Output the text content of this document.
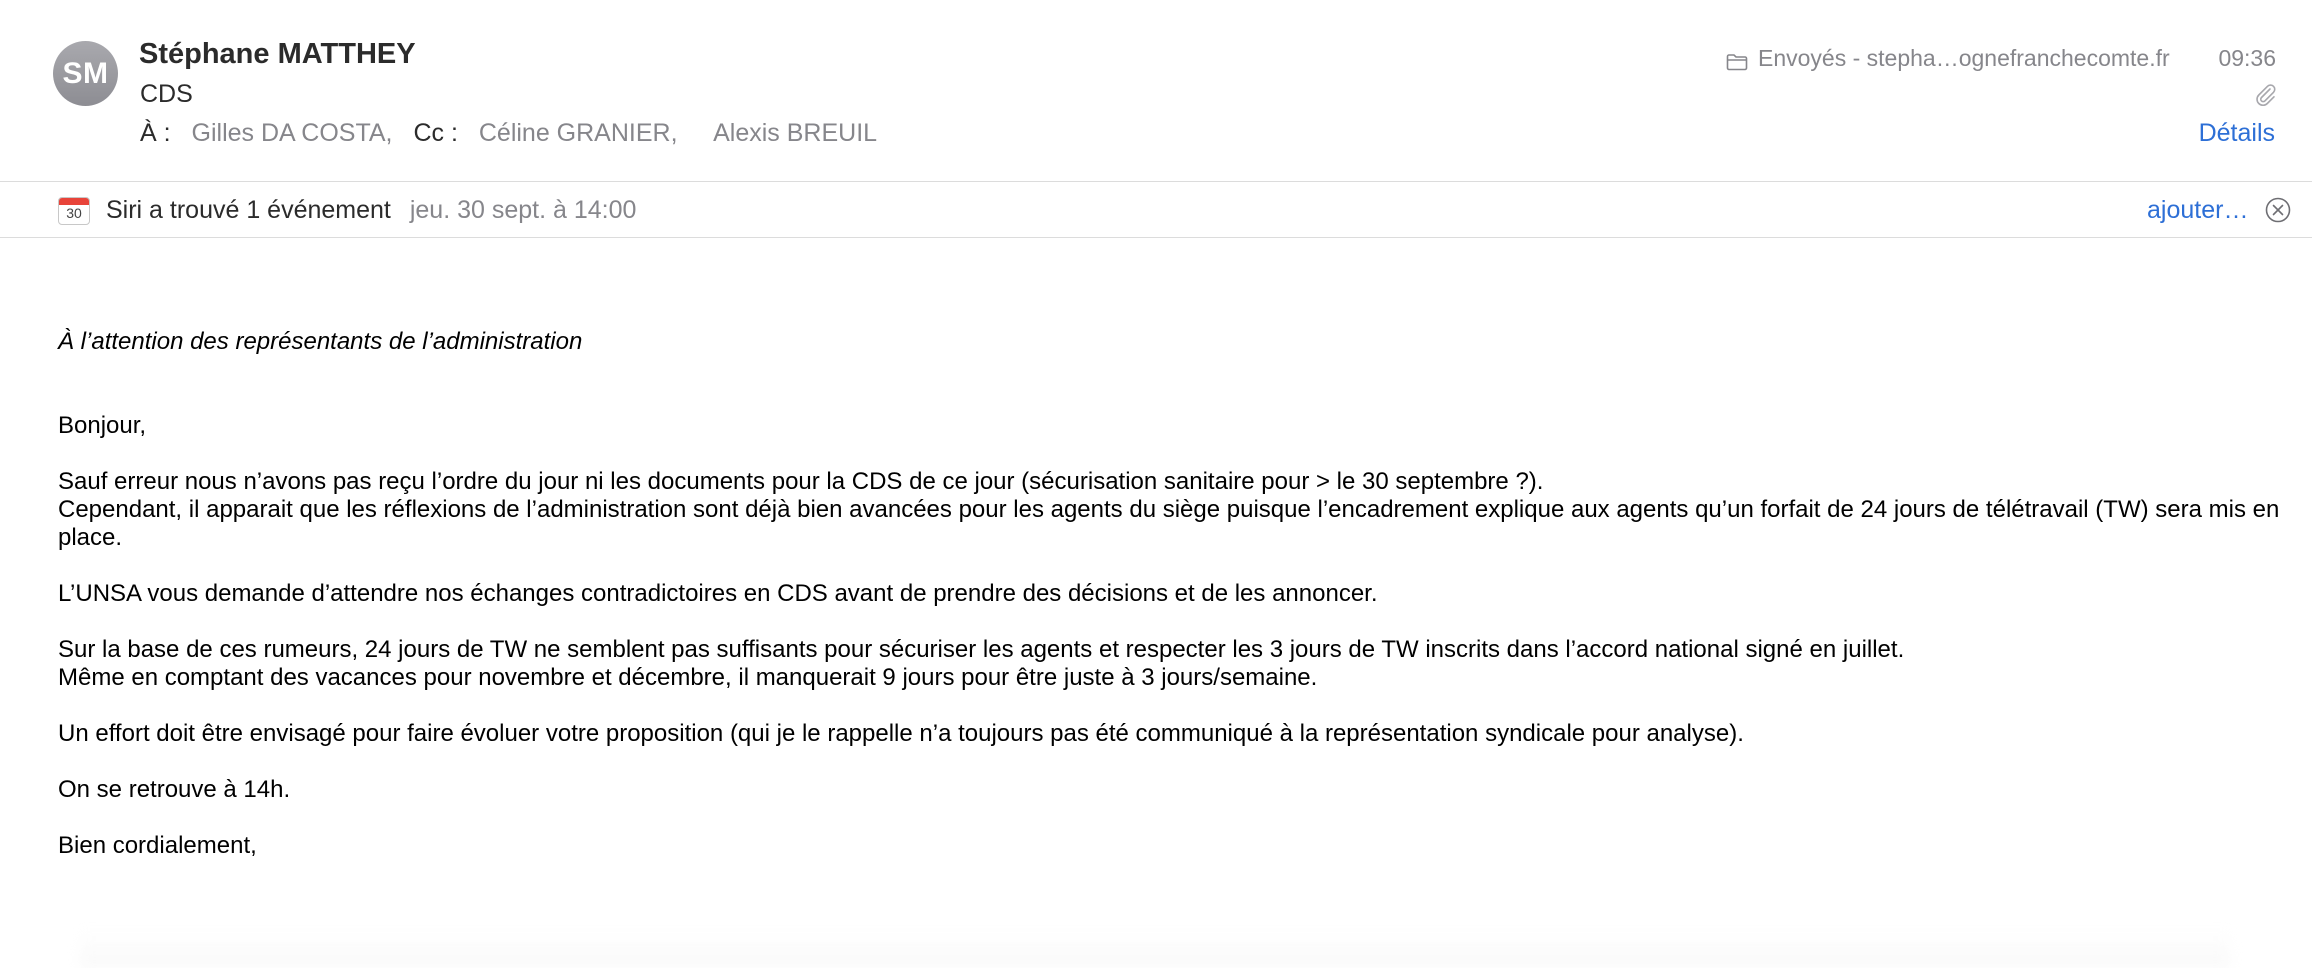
SM
Stéphane MATTHEY
CDS
À : Gilles DA COSTA, Cc : Céline GRANIER, Alexis BREUIL
Envoyés - stepha…ognefranchecomte.fr 09:36
Détails
30 Siri a trouvé 1 événement jeu. 30 sept. à 14:00	ajouter…

À l’attention des représentants de l’administration

Bonjour,

Sauf erreur nous n’avons pas reçu l’ordre du jour ni les documents pour la CDS de ce jour (sécurisation sanitaire pour > le 30 septembre ?).

Cependant, il apparait que les réflexions de l’administration sont déjà bien avancées pour les agents du siège puisque l’encadrement explique aux agents qu’un forfait de 24 jours de télétravail (TW) sera mis en place.

L’UNSA vous demande d’attendre nos échanges contradictoires en CDS avant de prendre des décisions et de les annoncer.

Sur la base de ces rumeurs, 24 jours de TW ne semblent pas suffisants pour sécuriser les agents et respecter les 3 jours de TW inscrits dans l’accord national signé en juillet.

Même en comptant des vacances pour novembre et décembre, il manquerait 9 jours pour être juste à 3 jours/semaine.

Un effort doit être envisagé pour faire évoluer votre proposition (qui je le rappelle n’a toujours pas été communiqué à la représentation syndicale pour analyse).

On se retrouve à 14h.

Bien cordialement,
